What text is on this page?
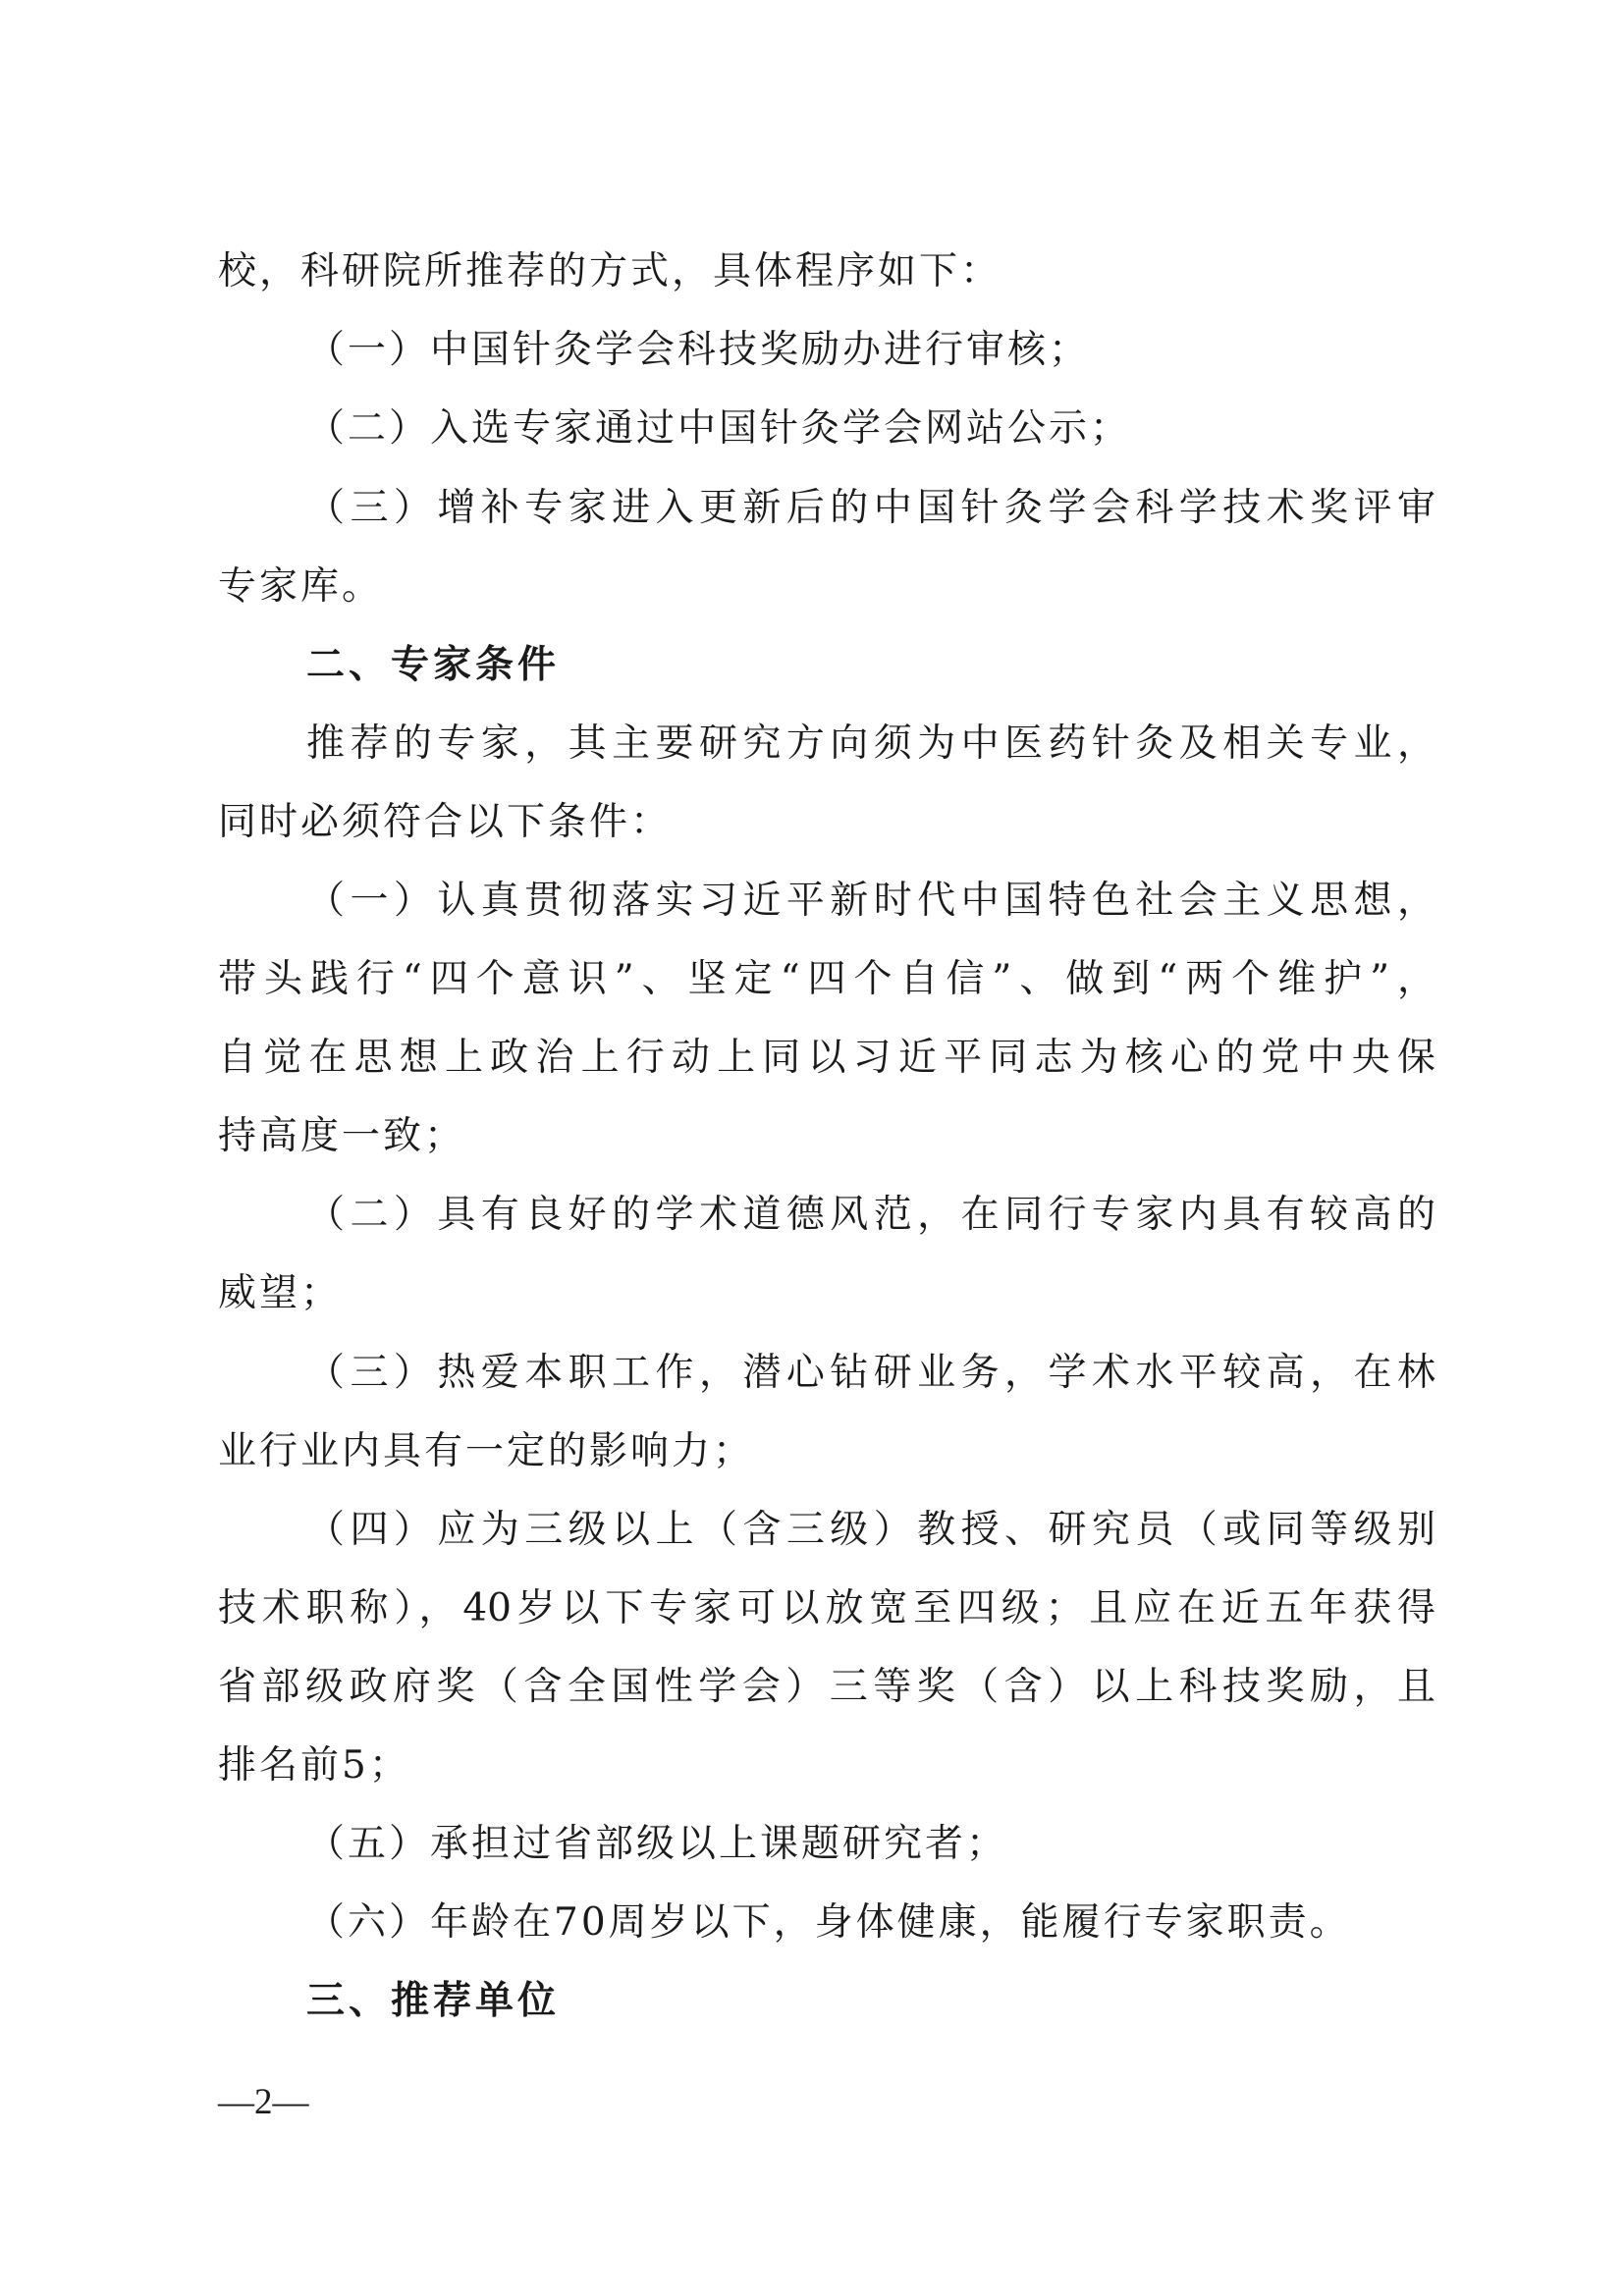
校，科研院所推荐的方式，具体程序如下：
（一）中国针灸学会科技奖励办进行审核；
（二）入选专家通过中国针灸学会网站公示；
（三）增补专家进入更新后的中国针灸学会科学技术奖评审
专家库。
二、专家条件
推荐的专家，其主要研究方向须为中医药针灸及相关专业，
同时必须符合以下条件：
（一）认真贯彻落实习近平新时代中国特色社会主义思想，
带头践行“四个意识”、坚定“四个自信”、做到“两个维护”，
自觉在思想上政治上行动上同以习近平同志为核心的党中央保
持高度一致；
（二）具有良好的学术道德风范，在同行专家内具有较高的
威望；
（三）热爱本职工作，潜心钻研业务，学术水平较高，在林
业行业内具有一定的影响力；
（四）应为三级以上（含三级）教授、研究员（或同等级别
技术职称），40岁以下专家可以放宽至四级；且应在近五年获得
省部级政府奖（含全国性学会）三等奖（含）以上科技奖励，且
排名前5；
（五）承担过省部级以上课题研究者；
（六）年龄在70周岁以下，身体健康，能履行专家职责。
三、推荐单位
—2—
